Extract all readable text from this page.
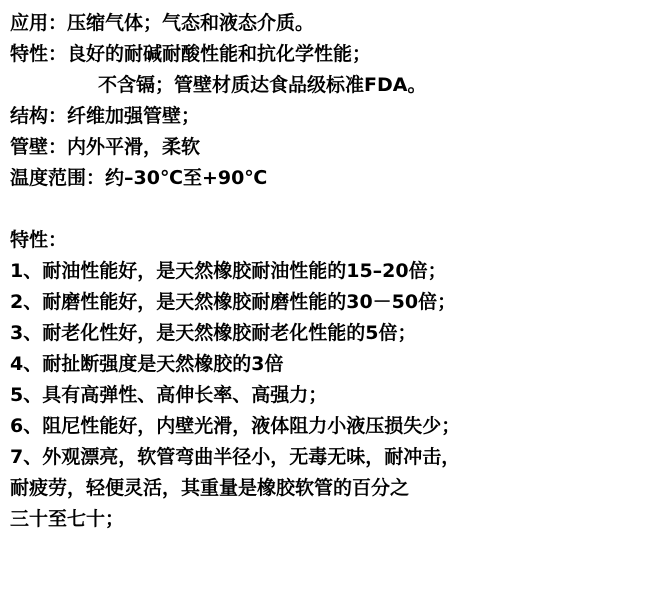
应用：压缩气体；气态和液态介质。
特性：良好的耐碱耐酸性能和抗化学性能；
不含镉；管壁材质达食品级标准FDA。
结构：纤维加强管壁；
管壁：内外平滑，柔软
温度范围：约–30℃至+90℃
特性：
1、耐油性能好，是天然橡胶耐油性能的15–20倍；
2、耐磨性能好，是天然橡胶耐磨性能的30－50倍；
3、耐老化性好，是天然橡胶耐老化性能的5倍；
4、耐扯断强度是天然橡胶的3倍
5、具有高弹性、高伸长率、高强力；
6、阻尼性能好，内壁光滑，液体阻力小液压损失少；
7、外观漂亮，软管弯曲半径小，无毒无味，耐冲击，
耐疲劳，轻便灵活，其重量是橡胶软管的百分之
三十至七十；
